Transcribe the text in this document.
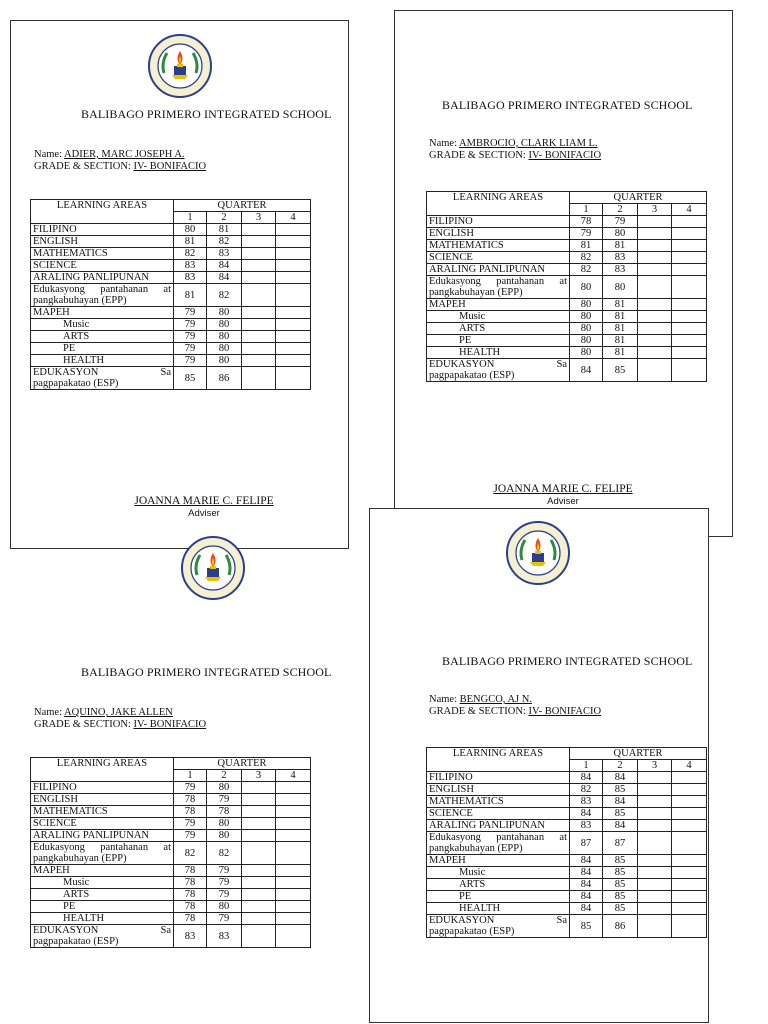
BALIBAGO PRIMERO INTEGRATED SCHOOL
BALIBAGO PRIMERO INTEGRATED SCHOOL
BALIBAGO PRIMERO INTEGRATED SCHOOL
BALIBAGO PRIMERO INTEGRATED SCHOOL
Name: ADIER, MARC JOSEPH A.
GRADE & SECTION: IV- BONIFACIO
Name: AMBROCIO, CLARK LIAM L.
GRADE & SECTION: IV- BONIFACIO
Name: AQUINO, JAKE ALLEN
GRADE & SECTION: IV- BONIFACIO
Name: BENGCO, AJ N.
GRADE & SECTION: IV- BONIFACIO
LEARNING AREAS	QUARTER			
	1	2	3	4
FILIPINO	80	81		
ENGLISH	81	82		
MATHEMATICS	82	83		
SCIENCE	83	84		
ARALING PANLIPUNAN	83	84		

Edukasyong pantahanan at
pangkabuhayan (EPP)	81	82		
MAPEH	79	80		
Music	79	80		
ARTS	79	80		
PE	79	80		
HEALTH	79	80		

EDUKASYON Sa
pagpapakatao (ESP)	85	86		
LEARNING AREAS	QUARTER			
	1	2	3	4
FILIPINO	78	79		
ENGLISH	79	80		
MATHEMATICS	81	81		
SCIENCE	82	83		
ARALING PANLIPUNAN	82	83		

Edukasyong pantahanan at
pangkabuhayan (EPP)	80	80		
MAPEH	80	81		
Music	80	81		
ARTS	80	81		
PE	80	81		
HEALTH	80	81		

EDUKASYON Sa
pagpapakatao (ESP)	84	85		
LEARNING AREAS	QUARTER			
	1	2	3	4
FILIPINO	79	80		
ENGLISH	78	79		
MATHEMATICS	78	78		
SCIENCE	79	80		
ARALING PANLIPUNAN	79	80		

Edukasyong pantahanan at
pangkabuhayan (EPP)	82	82		
MAPEH	78	79		
Music	78	79		
ARTS	78	79		
PE	78	80		
HEALTH	78	79		

EDUKASYON Sa
pagpapakatao (ESP)	83	83		
LEARNING AREAS	QUARTER			
	1	2	3	4
FILIPINO	84	84		
ENGLISH	82	85		
MATHEMATICS	83	84		
SCIENCE	84	85		
ARALING PANLIPUNAN	83	84		

Edukasyong pantahanan at
pangkabuhayan (EPP)	87	87		
MAPEH	84	85		
Music	84	85		
ARTS	84	85		
PE	84	85		
HEALTH	84	85		

EDUKASYON Sa
pagpapakatao (ESP)	85	86		
JOANNA MARIE C. FELIPE
Adviser
JOANNA MARIE C. FELIPE
Adviser
